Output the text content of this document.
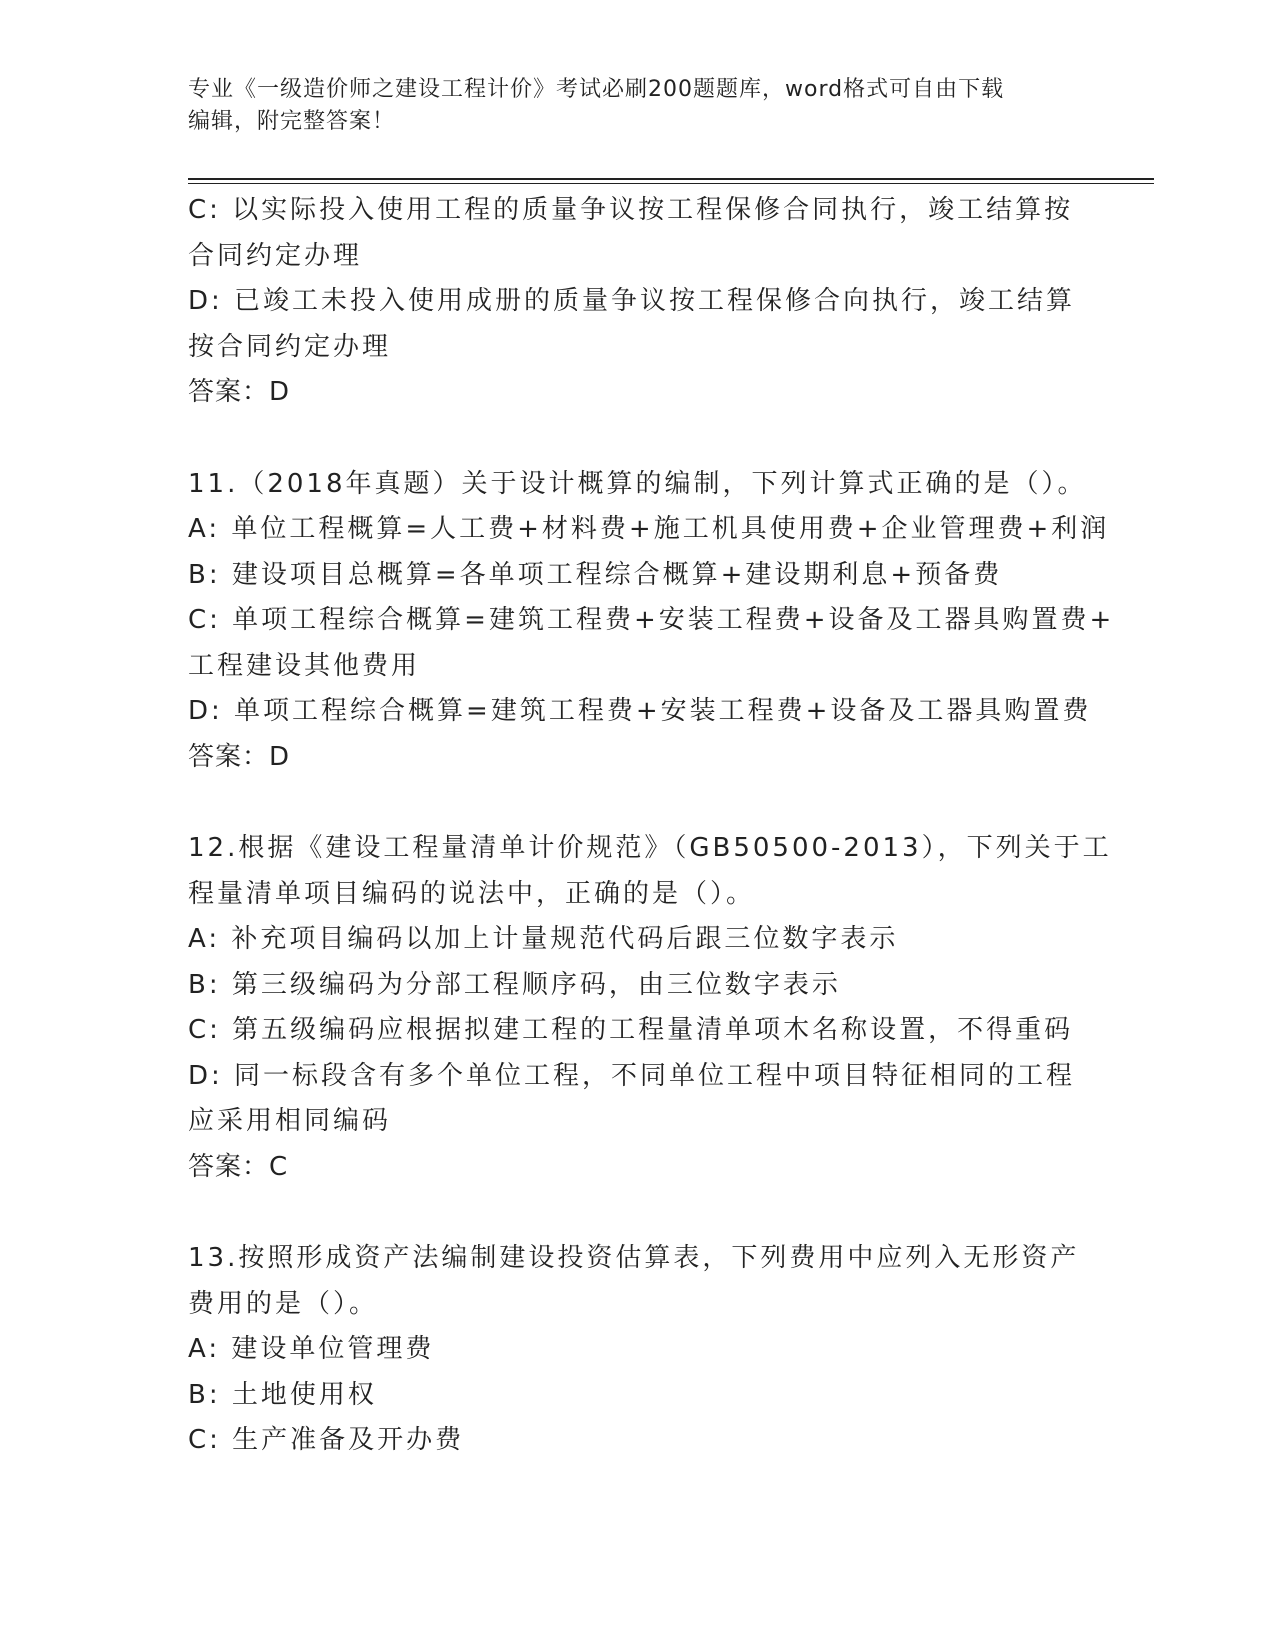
专业《一级造价师之建设工程计价》考试必刷200题题库，word格式可自由下载
编辑，附完整答案！
C: 以实际投入使用工程的质量争议按工程保修合同执行，竣工结算按
合同约定办理
D: 已竣工未投入使用成册的质量争议按工程保修合向执行，竣工结算
按合同约定办理
答案：D
11.（2018年真题）关于设计概算的编制，下列计算式正确的是（）。
A: 单位工程概算=人工费+材料费+施工机具使用费+企业管理费+利润
B: 建设项目总概算=各单项工程综合概算+建设期利息+预备费
C: 单项工程综合概算=建筑工程费+安装工程费+设备及工器具购置费+
工程建设其他费用
D: 单项工程综合概算=建筑工程费+安装工程费+设备及工器具购置费
答案：D
12.根据《建设工程量清单计价规范》（GB50500-2013），下列关于工
程量清单项目编码的说法中，正确的是（）。
A: 补充项目编码以加上计量规范代码后跟三位数字表示
B: 第三级编码为分部工程顺序码，由三位数字表示
C: 第五级编码应根据拟建工程的工程量清单项木名称设置，不得重码
D: 同一标段含有多个单位工程，不同单位工程中项目特征相同的工程
应采用相同编码
答案：C
13.按照形成资产法编制建设投资估算表，下列费用中应列入无形资产
费用的是（）。
A: 建设单位管理费
B: 土地使用权
C: 生产准备及开办费
